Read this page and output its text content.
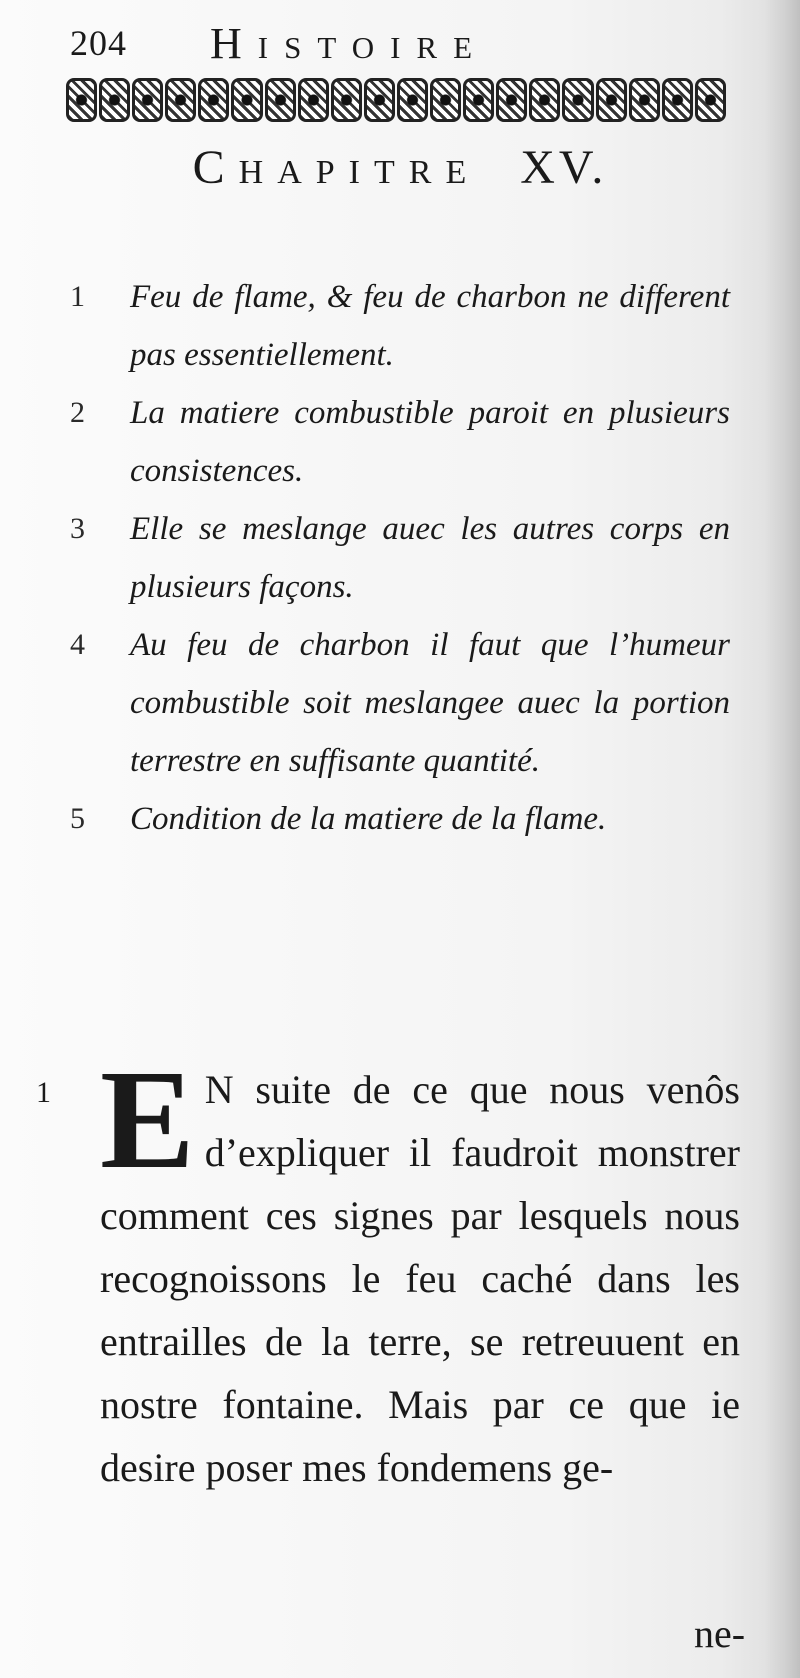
204 Histoire
Chapitre XV.
1	Feu de flame, & feu de charbon ne different pas essentiellement.
2	La matiere combustible paroit en plusieurs consistences.
3	Elle se meslange auec les autres corps en plusieurs façons.
4	Au feu de charbon il faut que l’humeur combustible soit meslangee auec la portion terrestre en suffisante quantité.
5	Condition de la matiere de la flame.
1 E N suite de ce que nous venôs d’expliquer il faudroit monstrer comment ces signes par lesquels nous recognoissons le feu caché dans les entrailles de la terre, se retreuuent en nostre fontaine. Mais par ce que ie desire poser mes fondemens ge-
ne-
